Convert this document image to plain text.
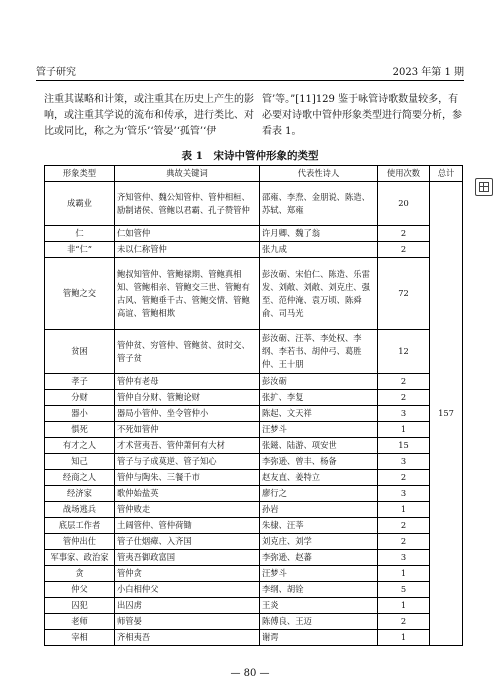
管子研究	2023 年第 1 期
注重其谋略和计策，或注重其在历史上产生的影响，或注重其学说的流布和传承，进行类比、对比或同比，称之为‘管乐’‘管晏’‘孤管’‘伊
管’等。”[11]129 鉴于咏管诗歌数量较多，有必要对诗歌中管仲形象类型进行简要分析，参看表 1。
表 1　宋诗中管仲形象的类型
形象类型	典故关键词	代表性诗人	使用次数	总计
成霸业	齐知管仲、魏公知管仲、管仲相桓、励制诸侯、管鲍以君霸、孔子赞管仲	邵雍、李焘、金朋说、陈造、苏轼、郑雍	20	157
仁	仁如管仲	许月卿、魏了翁	2	
非“仁”	未以仁称管仲	张九成	2	
管鲍之交	鲍叔知管仲、管鲍禄期、管鲍真相知、管鲍相亲、管鲍交三世、管鲍有古风、管鲍垂千古、管鲍交情、管鲍高谊、管鲍相欺	彭汝砺、宋伯仁、陈造、乐雷发、刘敞、刘敞、刘克庄、强至、范仲淹、袁万顷、陈舜俞、司马光	72	
贫困	管仲贫、穷管仲、管鲍贫、贫时交、管子贫	彭汝砺、汪莘、李处权、李纲、李若书、胡仲弓、葛胜仲、王十朋	12	
孝子	管仲有老母	彭汝砺	2	
分财	管仲自分财、管鲍论财	张扩、李复	2	
器小	器局小管仲、坐令管仲小	陈起、文天祥	3	
惧死	不死如管仲	汪梦斗	1	
有才之人	才术营夷吾、管仲萧何有大材	张鎡、陆游、项安世	15	
知己	管子与子成莫逆、管子知心	李弥逊、曾丰、杨备	3	
经商之人	管仲与陶朱、三餐千市	赵友直、姜特立	2	
经济家	歌仲始盐英	廖行之	3	
战场逃兵	管仲败走	孙岩	1	
底层工作者	土阔管仲、管仲荷锄	朱棣、汪莘	2	
管仲出仕	管子仕烟瘴、入齐国	刘克庄、刘学	2	
军事家、政治家	管夷吾御政富国	李弥逊、赵蕃	3	
贪	管仲贪	汪梦斗	1	
仲父	小白相仲父	李纲、胡铨	5	
囚犯	出囚虏	王炎	1	
老师	师管晏	陈傅良、王迈	2	
宰相	齐相夷吾	谢谔	1	
— 80 —
